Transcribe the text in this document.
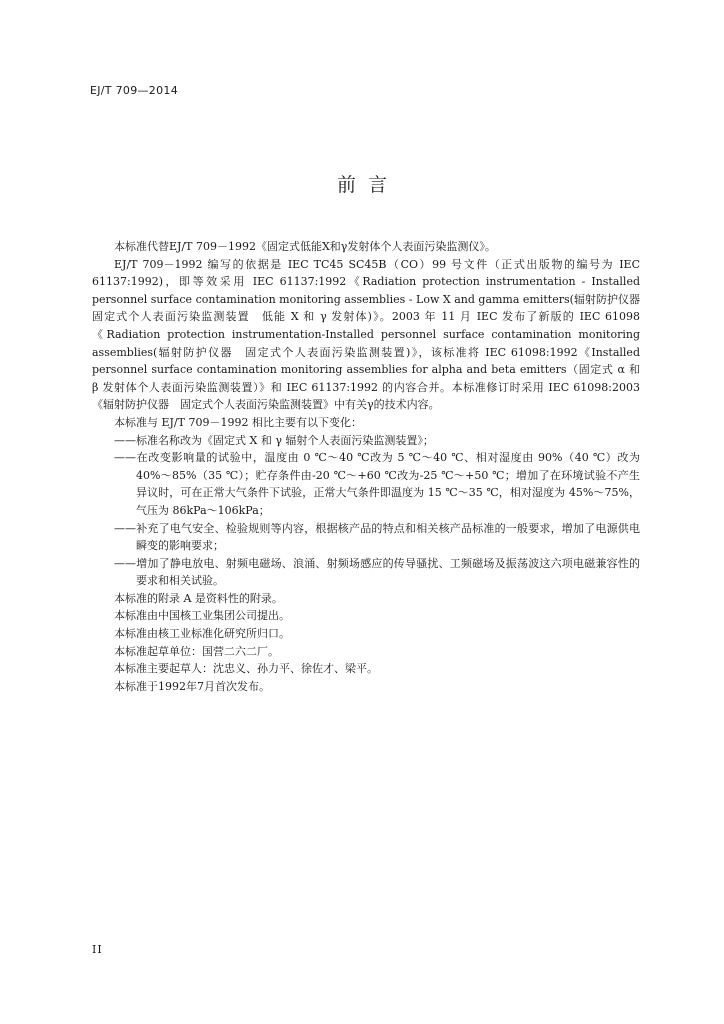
EJ/T 709—2014
前言

本标准代替EJ/T 709－1992《固定式低能X和γ发射体个人表面污染监测仪》。

EJ/T 709－1992 编写的依据是 IEC TC45 SC45B（CO）99 号文件（正式出版物的编号为 IEC 61137:1992)，即等效采用 IEC 61137:1992《Radiation protection instrumentation - Installed personnel surface contamination monitoring assemblies - Low X and gamma emitters(辐射防护仪器　固定式个人表面污染监测装置　低能 X 和 γ 发射体)》。2003 年 11 月 IEC 发布了新版的 IEC 61098《Radiation protection instrumentation-Installed personnel surface contamination monitoring assemblies(辐射防护仪器　固定式个人表面污染监测装置)》，该标准将 IEC 61098:1992《Installed personnel surface contamination monitoring assemblies for alpha and beta emitters（固定式 α 和 β 发射体个人表面污染监测装置）》和 IEC 61137:1992 的内容合并。本标准修订时采用 IEC 61098:2003《辐射防护仪器　固定式个人表面污染监测装置》中有关γ的技术内容。

本标准与 EJ/T 709－1992 相比主要有以下变化：

——标准名称改为《固定式 X 和 γ 辐射个人表面污染监测装置》；

——在改变影响量的试验中，温度由 0 ℃～40 ℃改为 5 ℃～40 ℃、相对湿度由 90%（40 ℃）改为 40%～85%（35 ℃）；贮存条件由-20 ℃～+60 ℃改为-25 ℃～+50 ℃；增加了在环境试验不产生异议时，可在正常大气条件下试验，正常大气条件即温度为 15 ℃～35 ℃，相对湿度为 45%～75%，气压为 86kPa～106kPa；

——补充了电气安全、检验规则等内容，根据核产品的特点和相关核产品标准的一般要求，增加了电源供电瞬变的影响要求；

——增加了静电放电、射频电磁场、浪涌、射频场感应的传导骚扰、工频磁场及振荡波这六项电磁兼容性的要求和相关试验。

本标准的附录 A 是资料性的附录。

本标准由中国核工业集团公司提出。

本标准由核工业标准化研究所归口。

本标准起草单位：国营二六二厂。

本标准主要起草人：沈忠义、孙力平、徐佐才、梁平。

本标准于1992年7月首次发布。

II
